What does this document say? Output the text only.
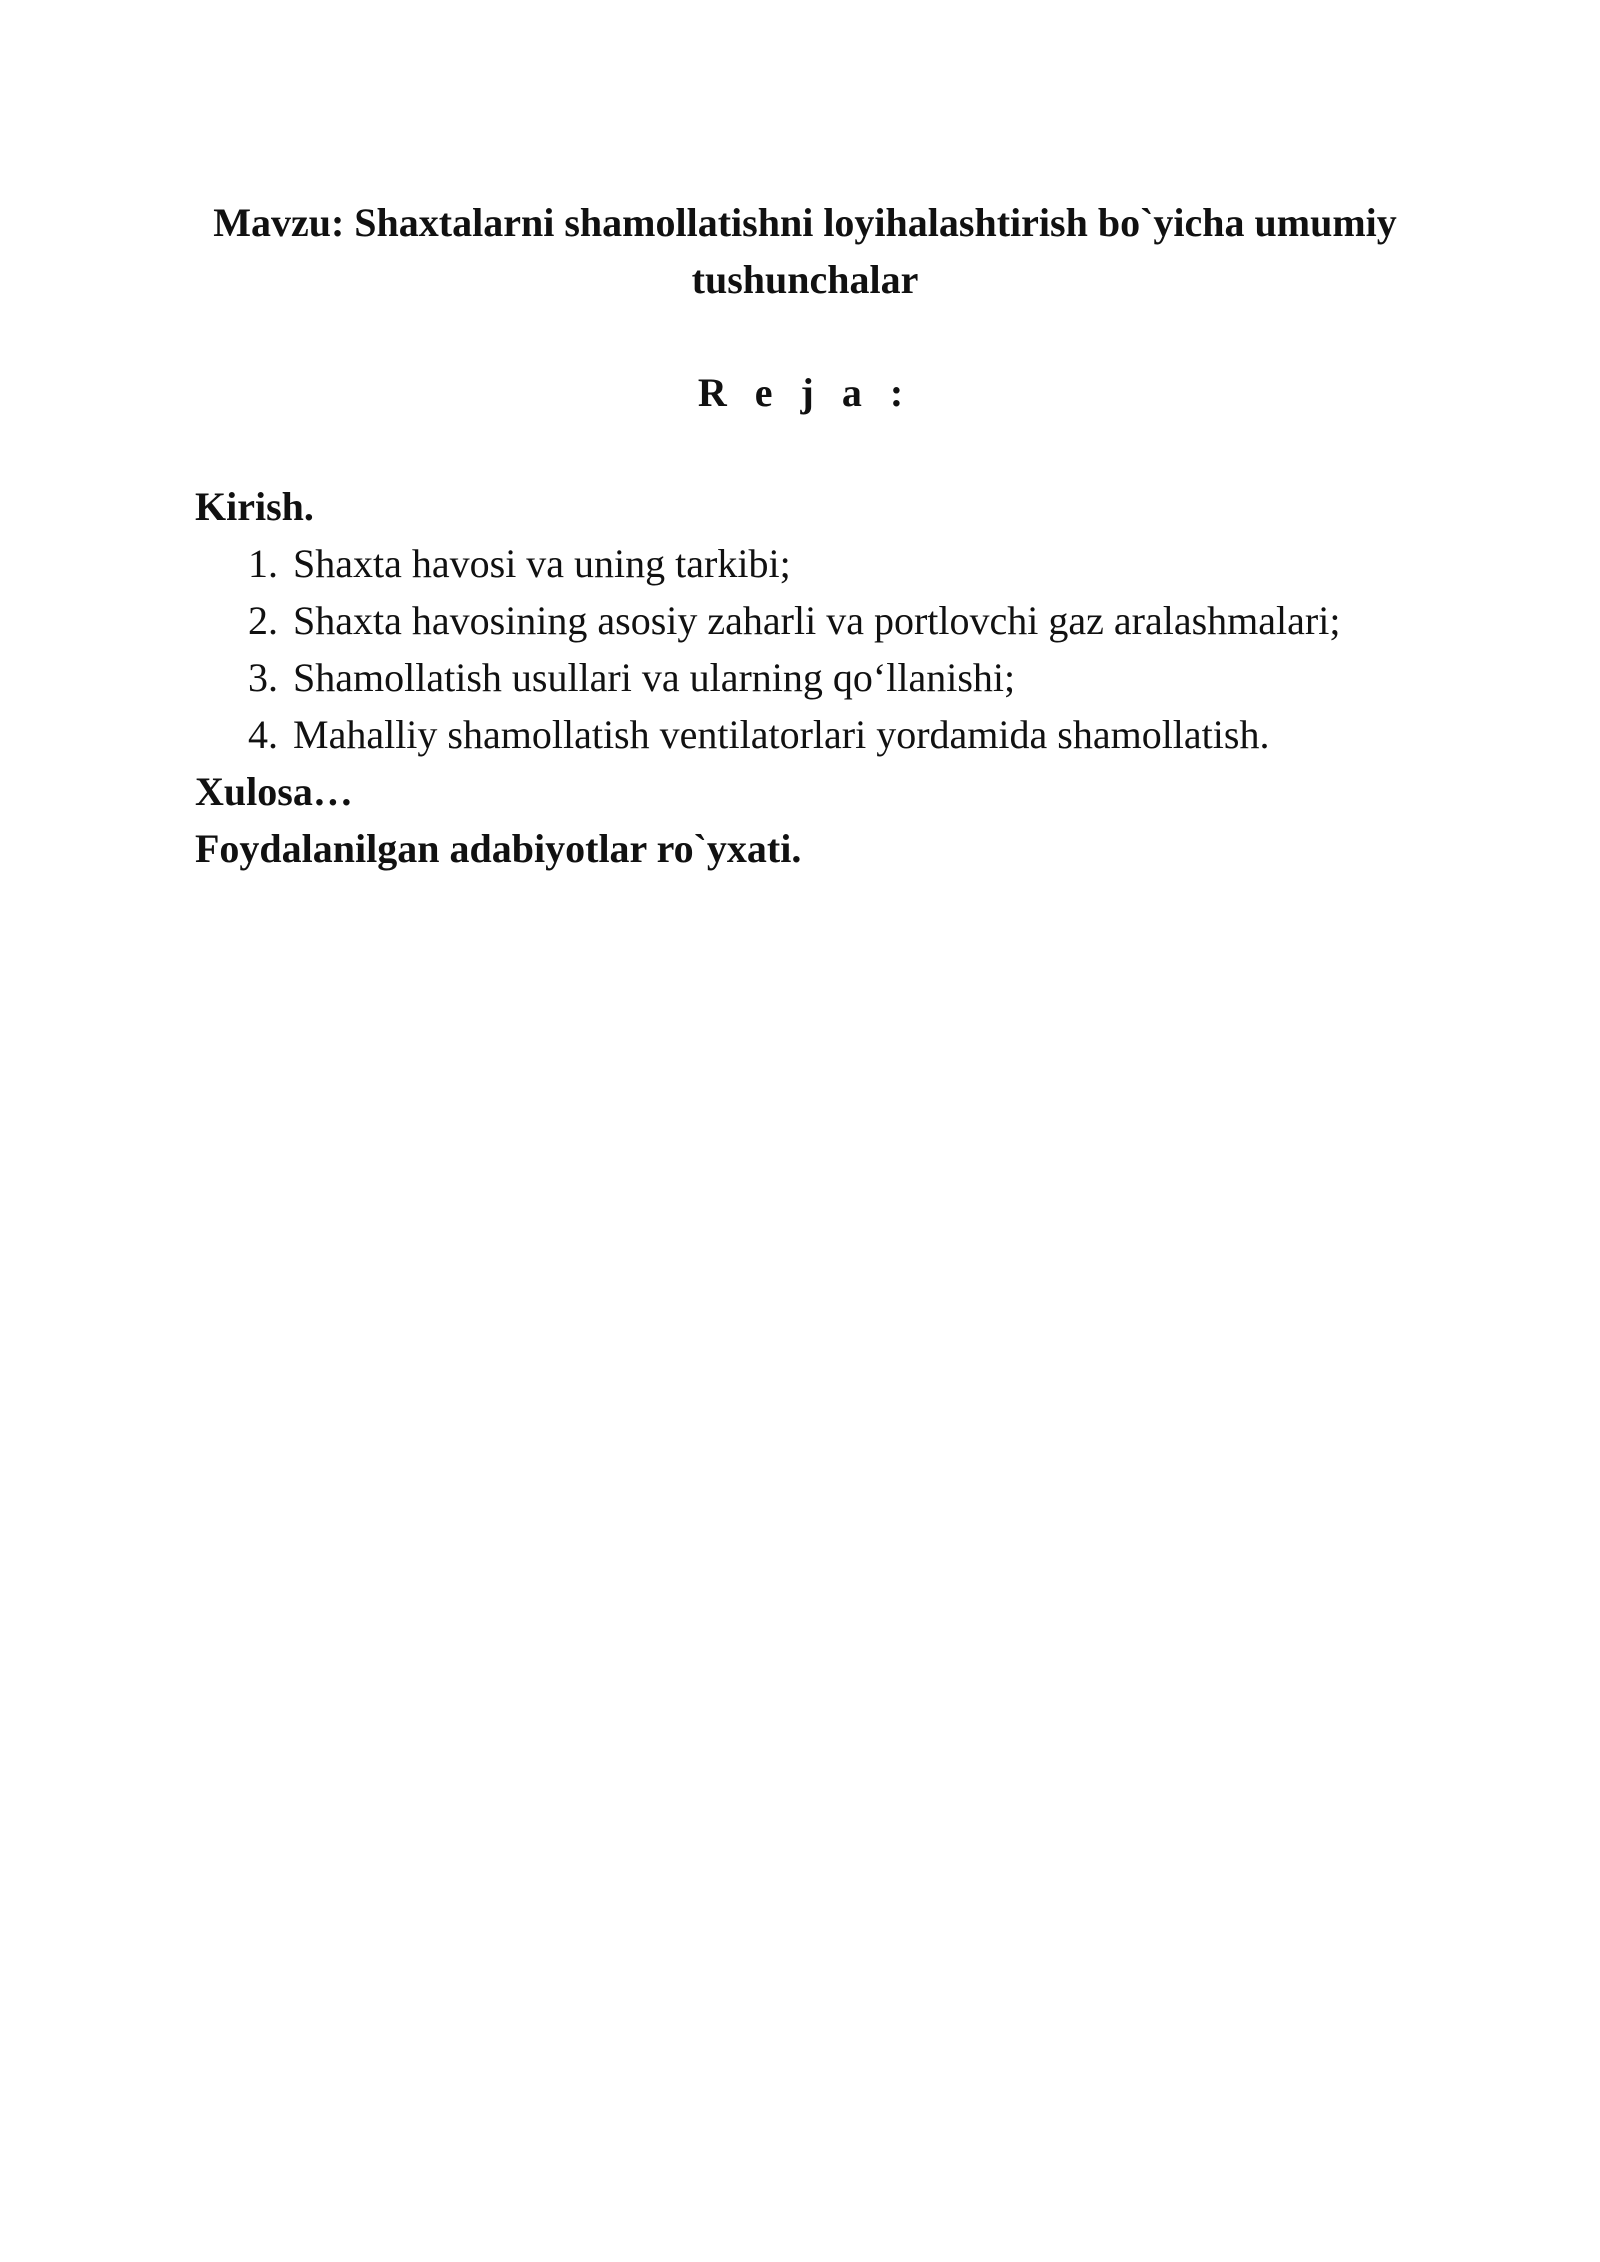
Mavzu: Shaxtalarni shamollatishni loyihalashtirish bo`yicha umumiy tushunchalar
R e j a :

Kirish.

1. Shaxta havosi va uning tarkibi;
2. Shaxta havosining asosiy zaharli va portlovchi gaz aralashmalari;
3. Shamollatish usullari va ularning qo‘llanishi;
4. Mahalliy shamollatish ventilatorlari yordamida shamollatish.

Xulosa…

Foydalanilgan adabiyotlar ro`yxati.
